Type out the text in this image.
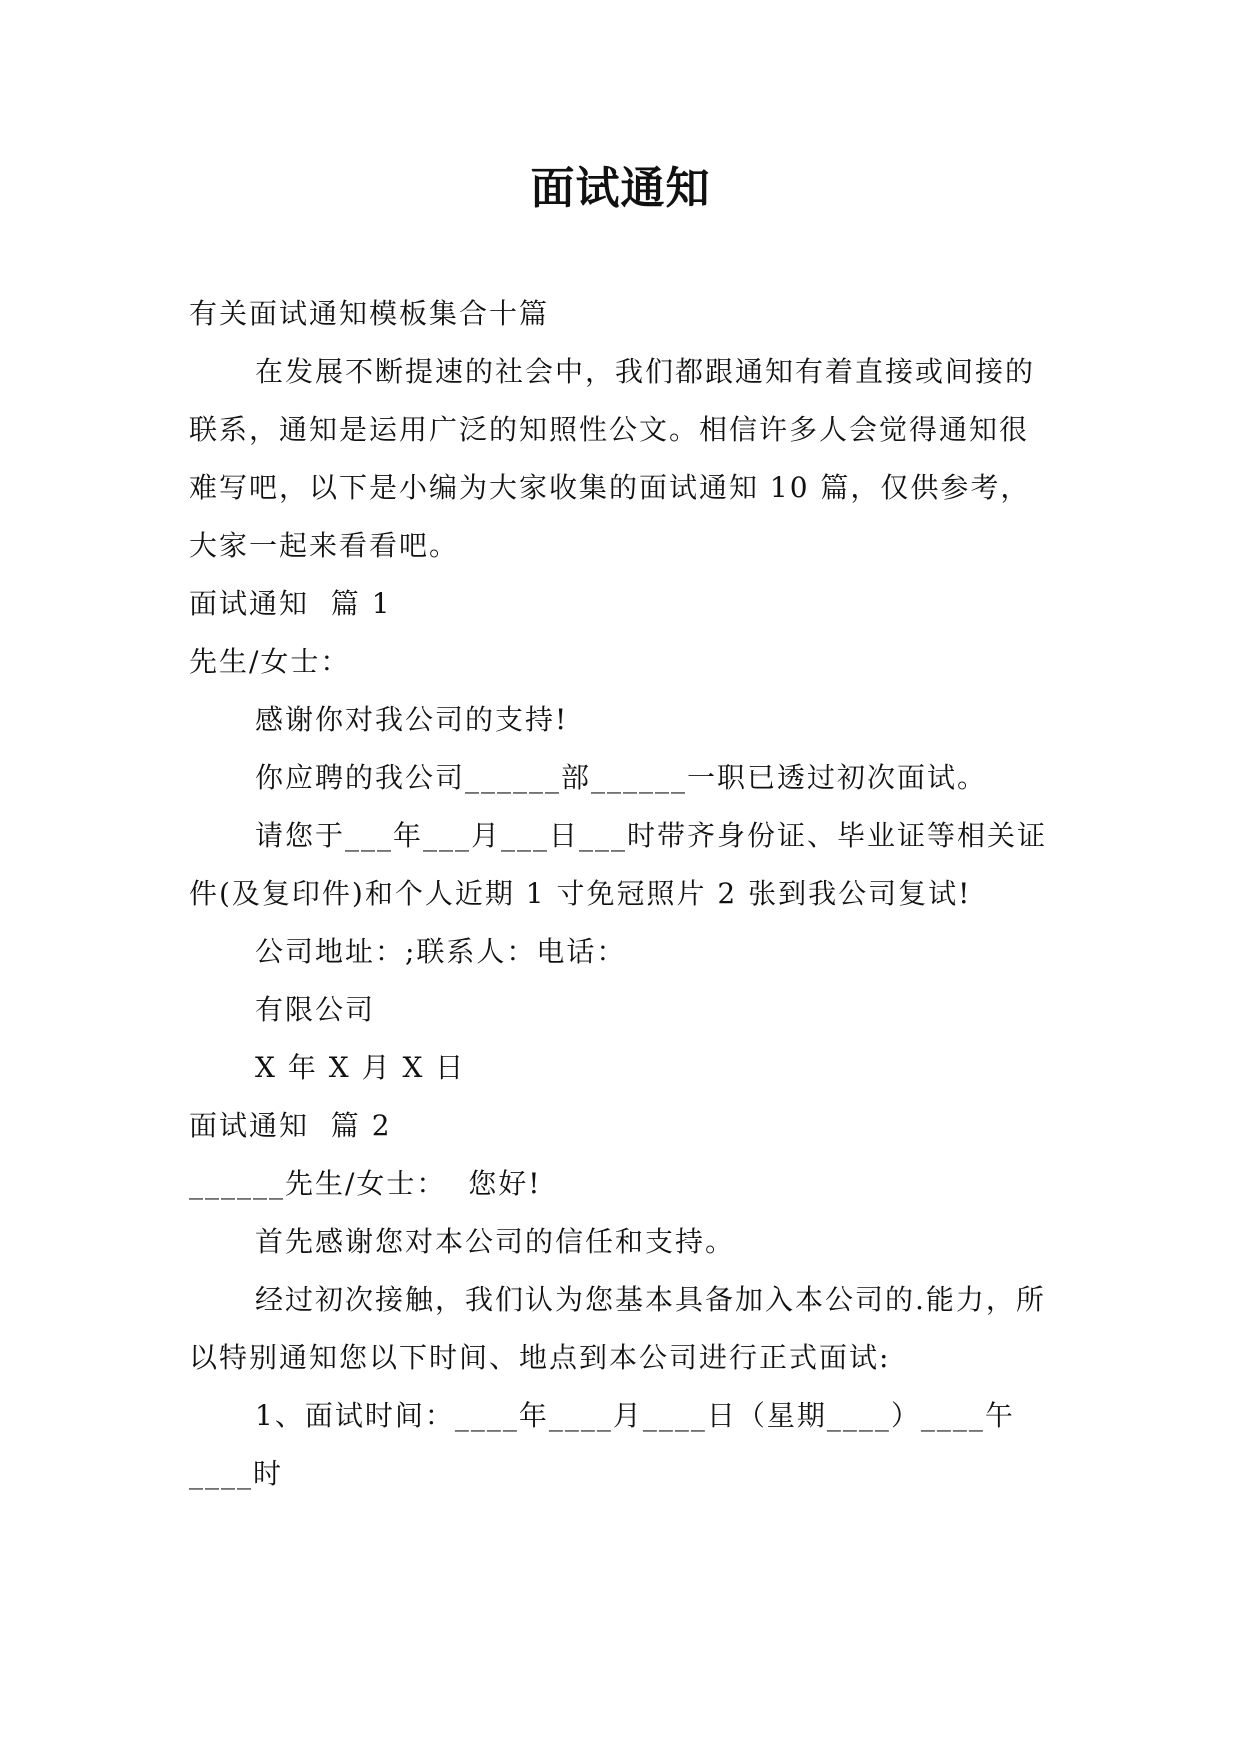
面试通知

有关面试通知模板集合十篇

在发展不断提速的社会中，我们都跟通知有着直接或间接的联系，通知是运用广泛的知照性公文。相信许多人会觉得通知很难写吧，以下是小编为大家收集的面试通知 10 篇，仅供参考，大家一起来看看吧。

面试通知  篇 1

先生/女士：

感谢你对我公司的支持!

你应聘的我公司______部______一职已透过初次面试。

请您于___年___月___日___时带齐身份证、毕业证等相关证件(及复印件)和个人近期 1 寸免冠照片 2 张到我公司复试!

公司地址：;联系人：电话：

有限公司

X 年 X 月 X 日

面试通知  篇 2

______先生/女士：  您好!

首先感谢您对本公司的信任和支持。

经过初次接触，我们认为您基本具备加入本公司的.能力，所以特别通知您以下时间、地点到本公司进行正式面试:

1、面试时间：____年____月____日（星期____）____午____时
